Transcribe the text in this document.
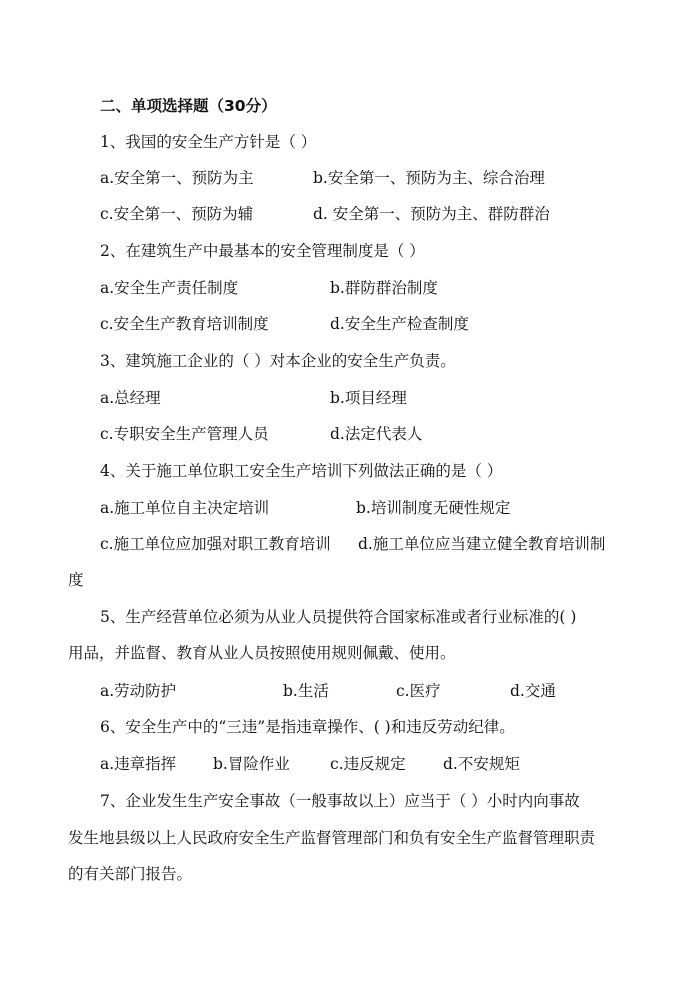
二、单项选择题（30分）
1、我国的安全生产方针是（ ）
a.安全第一、预防为主	b.安全第一、预防为主、综合治理
c.安全第一、预防为辅	d. 安全第一、预防为主、群防群治
2、在建筑生产中最基本的安全管理制度是（ ）
a.安全生产责任制度	b.群防群治制度
c.安全生产教育培训制度	d.安全生产检查制度
3、建筑施工企业的（ ）对本企业的安全生产负责。
a.总经理	b.项目经理
c.专职安全生产管理人员	d.法定代表人
4、关于施工单位职工安全生产培训下列做法正确的是（ ）
a.施工单位自主决定培训	b.培训制度无硬性规定
c.施工单位应加强对职工教育培训 d.施工单位应当建立健全教育培训制
度
5、生产经营单位必须为从业人员提供符合国家标准或者行业标准的( )
用品，并监督、教育从业人员按照使用规则佩戴、使用。
a.劳动防护	b.生活	c.医疗	d.交通
6、安全生产中的“三违”是指违章操作、( )和违反劳动纪律。
a.违章指挥 b.冒险作业	c.违反规定 d.不安规矩
7、企业发生生产安全事故（一般事故以上）应当于（ ）小时内向事故
发生地县级以上人民政府安全生产监督管理部门和负有安全生产监督管理职责
的有关部门报告。
